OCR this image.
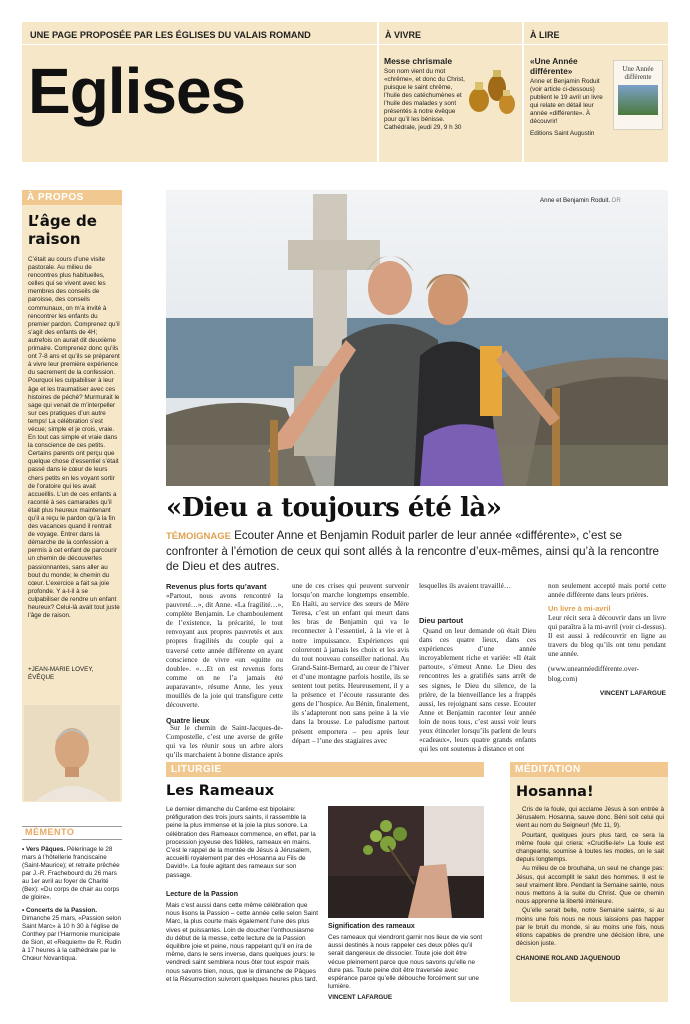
UNE PAGE PROPOSÉE PAR LES ÉGLISES DU VALAIS ROMAND
Eglises
À VIVRE	À LIRE
Messe chrismale
Son nom vient du mot «chrême», et donc du Christ, puisque le saint chrême, l’huile des catéchumènes et l’huile des malades y sont présentés à notre évêque pour qu’il les bénisse.
Cathédrale, jeudi 29, 9 h 30
«Une Année différente»
Anne et Benjamin Roduit (voir article ci-dessous) publient le 19 avril un livre qui relate en détail leur année «différente». À découvrir!
Editions Saint Augustin
Une Année différente
À PROPOS
L’âge de raison
C’était au cours d’une visite pastorale. Au milieu de rencontres plus habituelles, celles qui se vivent avec les membres des conseils de paroisse, des conseils communaux, on m’a invité à rencontrer les enfants du premier pardon. Comprenez qu’il s’agit des enfants de 4H; autrefois on aurait dit deuxième primaire. Comprenez donc qu’ils ont 7-8 ans et qu’ils se préparent à vivre leur première expérience du sacrement de la confession. Pourquoi les culpabiliser à leur âge et les traumatiser avec ces histoires de péché? Murmurait le sage qui venait de m’interpeller sur ces pratiques d’un autre temps! La célébration s’est vécue; simple et je crois, vraie. En tout cas simple et vraie dans la conscience de ces petits. Certains parents ont perçu que quelque chose d’essentiel s’était passé dans le cœur de leurs chers petits en les voyant sortir de l’oratoire qui les avait accueillis. L’un de ces enfants a raconté à ses camarades qu’il était plus heureux maintenant qu’il a reçu le pardon qu’à la fin des vacances quand il rentrait de voyage. Entrer dans la démarche de la confession a permis à cet enfant de parcourir un chemin de découvertes passionnantes, sans aller au bout du monde; le chemin du cœur. L’exercice a fait sa joie profonde. Y a-t-il à se culpabiliser de rendre un enfant heureux? Celui-là avait tout juste l’âge de raison.
+JEAN-MARIE LOVEY, ÉVÊQUE
MÉMENTO
• Vers Pâques. Pèlerinage le 28 mars à l’hôtellerie franciscaine (Saint-Maurice); et retraite prêchée par J.-R. Frachebourd du 26 mars au 1er avril au foyer de Charité (Bex): «Du corps de chair au corps de gloire».
• Concerts de la Passion. Dimanche 25 mars, «Passion selon Saint Marc» à 10 h 30 à l’église de Conthey par l’Harmonie municipale de Sion, et «Requiem» de R. Rudin à 17 heures à la cathédrale par le Chœur Novantiqua.
Anne et Benjamin Roduit. DR
«Dieu a toujours été là»
TÉMOIGNAGE Ecouter Anne et Benjamin Roduit parler de leur année «différente», c’est se confronter à l’émotion de ceux qui sont allés à la rencontre d’eux-mêmes, ainsi qu’à la rencontre de Dieu et des autres.
Revenus plus forts qu’avant
«Partout, nous avons rencontré la pauvreté…», dit Anne. «La fragilité…», complète Benjamin. Le chamboulement de l’existence, la précarité, le tout renvoyant aux propres pauvretés et aux propres fragilités du couple qui a traversé cette année différente en ayant conscience de vivre «un «quitte ou double». «…Et on est revenus forts comme on ne l’a jamais été auparavant», résume Anne, les yeux mouillés de la joie qui transfigure cette découverte.
Quatre lieux
Un livre à mi-avril
Leur récit sera à découvrir dans un livre qui paraîtra à la mi-avril (voir ci-dessus). Il est aussi à redécouvrir en ligne au travers du blog qu’ils ont tenu pendant une année.
(www.uneannéedifférente.over-blog.com)
VINCENT LAFARGUE
LITURGIE
Les Rameaux
Le dernier dimanche du Carême est bipolaire: préfiguration des trois jours saints, il rassemble la peine la plus immense et la joie la plus sonore. La célébration des Rameaux commence, en effet, par la procession joyeuse des fidèles, rameaux en mains. C’est le rappel de la montée de Jésus à Jérusalem, accueilli royalement par des «Hosanna au Fils de David!». La foule agitant des rameaux sur son passage.
Lecture de la Passion
Mais c’est aussi dans cette même célébration que nous lisons la Passion – cette année celle selon Saint Marc, la plus courte mais également l’une des plus vives et puissantes. Loin de doucher l’enthousiasme du début de la messe, cette lecture de la Passion équilibre joie et peine, nous rappelant qu’il en ira de même, dans le sens inverse, dans quelques jours: le vendredi saint semblera nous ôter tout espoir mais nous savons bien, nous, que le dimanche de Pâques et la Résurrection suivront quelques heures plus tard.
Signification des rameaux
Ces rameaux qui viendront garnir nos lieux de vie sont aussi destinés à nous rappeler ces deux pôles qu’il serait dangereux de dissocier. Toute joie doit être vécue pleinement parce que nous savons qu’elle ne dure pas. Toute peine doit être traversée avec espérance parce qu’elle débouche forcément sur une lumière.
VINCENT LAFARGUE
MÉDITATION
Hosanna!
Cris de la foule, qui acclame Jésus à son entrée à Jérusalem. Hosanna, sauve donc. Béni soit celui qui vient au nom du Seigneur! (Mc 11, 9).
Pourtant, quelques jours plus tard, ce sera la même foule qui criera: «Crucifie-le!» La foule est changeante, soumise à toutes les modes, on le sait depuis longtemps.
Au milieu de ce brouhaha, un seul ne change pas: Jésus, qui accomplit le salut des hommes. Il est le seul vraiment libre. Pendant la Semaine sainte, nous nous mettons à la suite du Christ. Que ce chemin nous apprenne la liberté intérieure.
Qu’elle serait belle, notre Semaine sainte, si au moins une fois nous ne nous laissions pas happer par le bruit du monde, si au moins une fois, nous étions capables de prendre une décision libre, une décision juste.
CHANOINE ROLAND JAQUENOUD
Sur le chemin de Saint-Jacques-de-Compostelle, c’est une averse de grêle qui va les réunir sous un arbre alors qu’ils marchaient à bonne distance après
une de ces crises qui peuvent survenir lorsqu’on marche longtemps ensemble. En Haïti, au service des sœurs de Mère Teresa, c’est un enfant qui meurt dans les bras de Benjamin qui va le reconnecter à l’essentiel, à la vie et à notre impuissance. Expériences qui coloreront à jamais les choix et les avis du tout nouveau conseiller national. Au Grand-Saint-Bernard, au cœur de l’hiver et d’une montagne parfois hostile, ils se sentent tout petits. Heureusement, il y a la présence et l’écoute rassurante des gens de l’hospice. Au Bénin, finalement, ils s’adapteront non sans peine à la vie dans la brousse. Le paludisme partout présent emportera – peu après leur départ – l’une des stagiaires avec
lesquelles ils avaient travaillé…
Dieu partout
Quand on leur demande où était Dieu dans ces quatre lieux, dans ces expériences d’une année incroyablement riche et variée: «Il était partout», s’émeut Anne. Le Dieu des rencontres les a gratifiés sans arrêt de ses signes, le Dieu du silence, de la prière, de la bienveillance les a frappés aussi, les rejoignant sans cesse. Ecouter Anne et Benjamin raconter leur année loin de nous tous, c’est aussi voir leurs yeux étinceler lorsqu’ils parlent de leurs «cadeaux», leurs quatre grands enfants qui les ont soutenus à distance et ont
non seulement accepté mais porté cette année différente dans leurs prières.
